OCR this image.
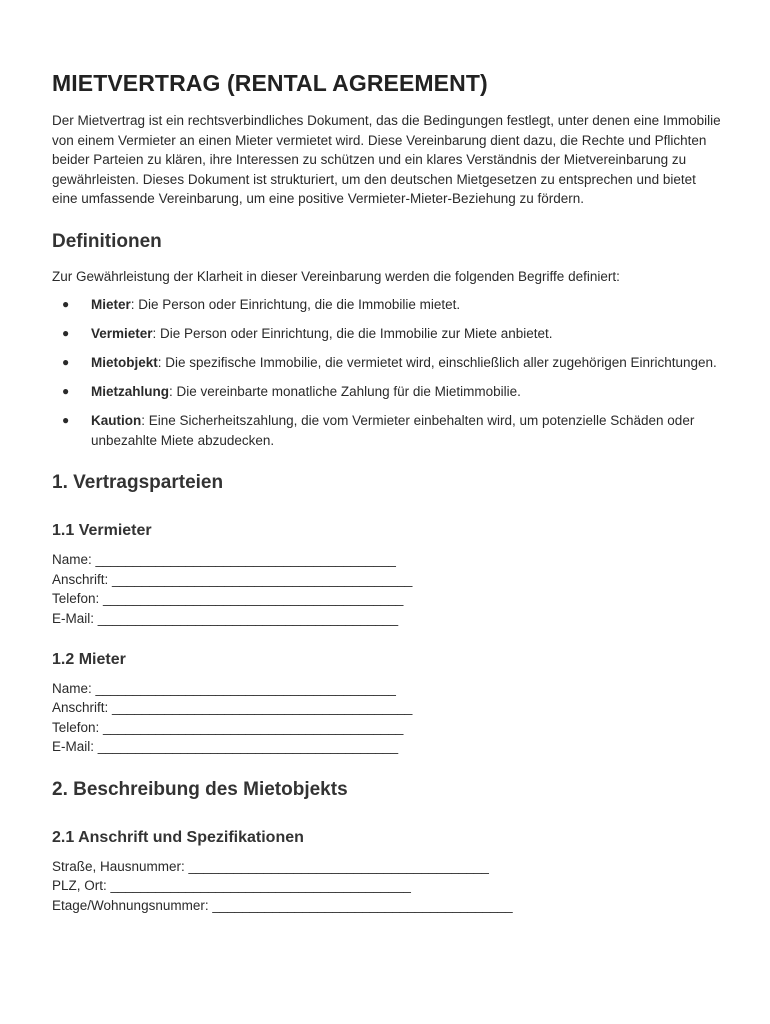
MIETVERTRAG (RENTAL AGREEMENT)

Der Mietvertrag ist ein rechtsverbindliches Dokument, das die Bedingungen festlegt, unter denen eine Immobilie von einem Vermieter an einen Mieter vermietet wird. Diese Vereinbarung dient dazu, die Rechte und Pflichten beider Parteien zu klären, ihre Interessen zu schützen und ein klares Verständnis der Mietvereinbarung zu gewährleisten. Dieses Dokument ist strukturiert, um den deutschen Mietgesetzen zu entsprechen und bietet eine umfassende Vereinbarung, um eine positive Vermieter-Mieter-Beziehung zu fördern.

Definitionen

Zur Gewährleistung der Klarheit in dieser Vereinbarung werden die folgenden Begriffe definiert:

● Mieter: Die Person oder Einrichtung, die die Immobilie mietet.
● Vermieter: Die Person oder Einrichtung, die die Immobilie zur Miete anbietet.
● Mietobjekt: Die spezifische Immobilie, die vermietet wird, einschließlich aller zugehörigen Einrichtungen.
● Mietzahlung: Die vereinbarte monatliche Zahlung für die Mietimmobilie.
● Kaution: Eine Sicherheitszahlung, die vom Vermieter einbehalten wird, um potenzielle Schäden oder unbezahlte Miete abzudecken.
1. Vertragsparteien
1.1 Vermieter
Name: ________________________________________
Anschrift: ________________________________________
Telefon: ________________________________________
E-Mail: ________________________________________
1.2 Mieter
Name: ________________________________________
Anschrift: ________________________________________
Telefon: ________________________________________
E-Mail: ________________________________________
2. Beschreibung des Mietobjekts
2.1 Anschrift und Spezifikationen
Straße, Hausnummer: ________________________________________
PLZ, Ort: ________________________________________
Etage/Wohnungsnummer: ________________________________________
